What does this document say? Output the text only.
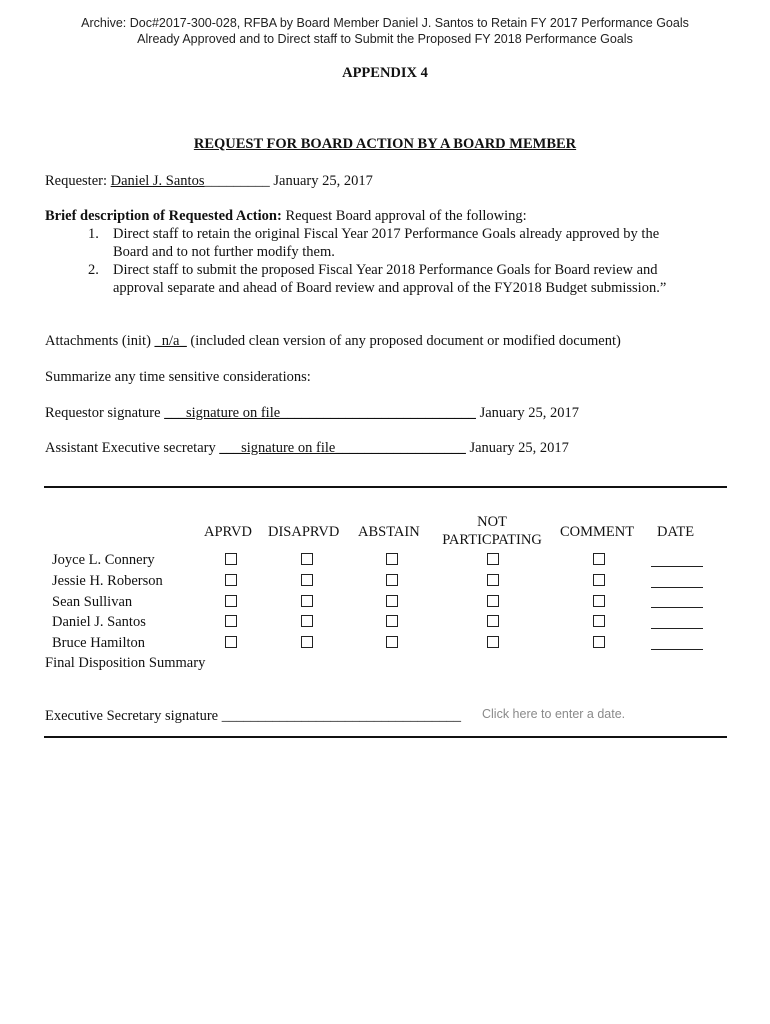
Archive: Doc#2017-300-028, RFBA by Board Member Daniel J. Santos to Retain FY 2017 Performance Goals
Already Approved and to Direct staff to Submit the Proposed FY 2018 Performance Goals
APPENDIX 4
REQUEST FOR BOARD ACTION BY A BOARD MEMBER
Requester: Daniel J. Santos_________ January 25, 2017
Brief description of Requested Action: Request Board approval of the following:
1. Direct staff to retain the original Fiscal Year 2017 Performance Goals already approved by the Board and to not further modify them.
2. Direct staff to submit the proposed Fiscal Year 2018 Performance Goals for Board review and approval separate and ahead of Board review and approval of the FY2018 Budget submission.”
Attachments (init) _n/a_ (included clean version of any proposed document or modified document)
Summarize any time sensitive considerations:
Requestor signature ___signature on file___________________________ January 25, 2017
Assistant Executive secretary ___signature on file__________________ January 25, 2017
APRVD DISAPRVD ABSTAIN
NOT
PARTICPATING	COMMENT DATE
Joyce L. Connery
Jessie H. Roberson
Sean Sullivan
Daniel J. Santos
Bruce Hamilton
Final Disposition Summary
Executive Secretary signature _________________________________ Click here to enter a date.
